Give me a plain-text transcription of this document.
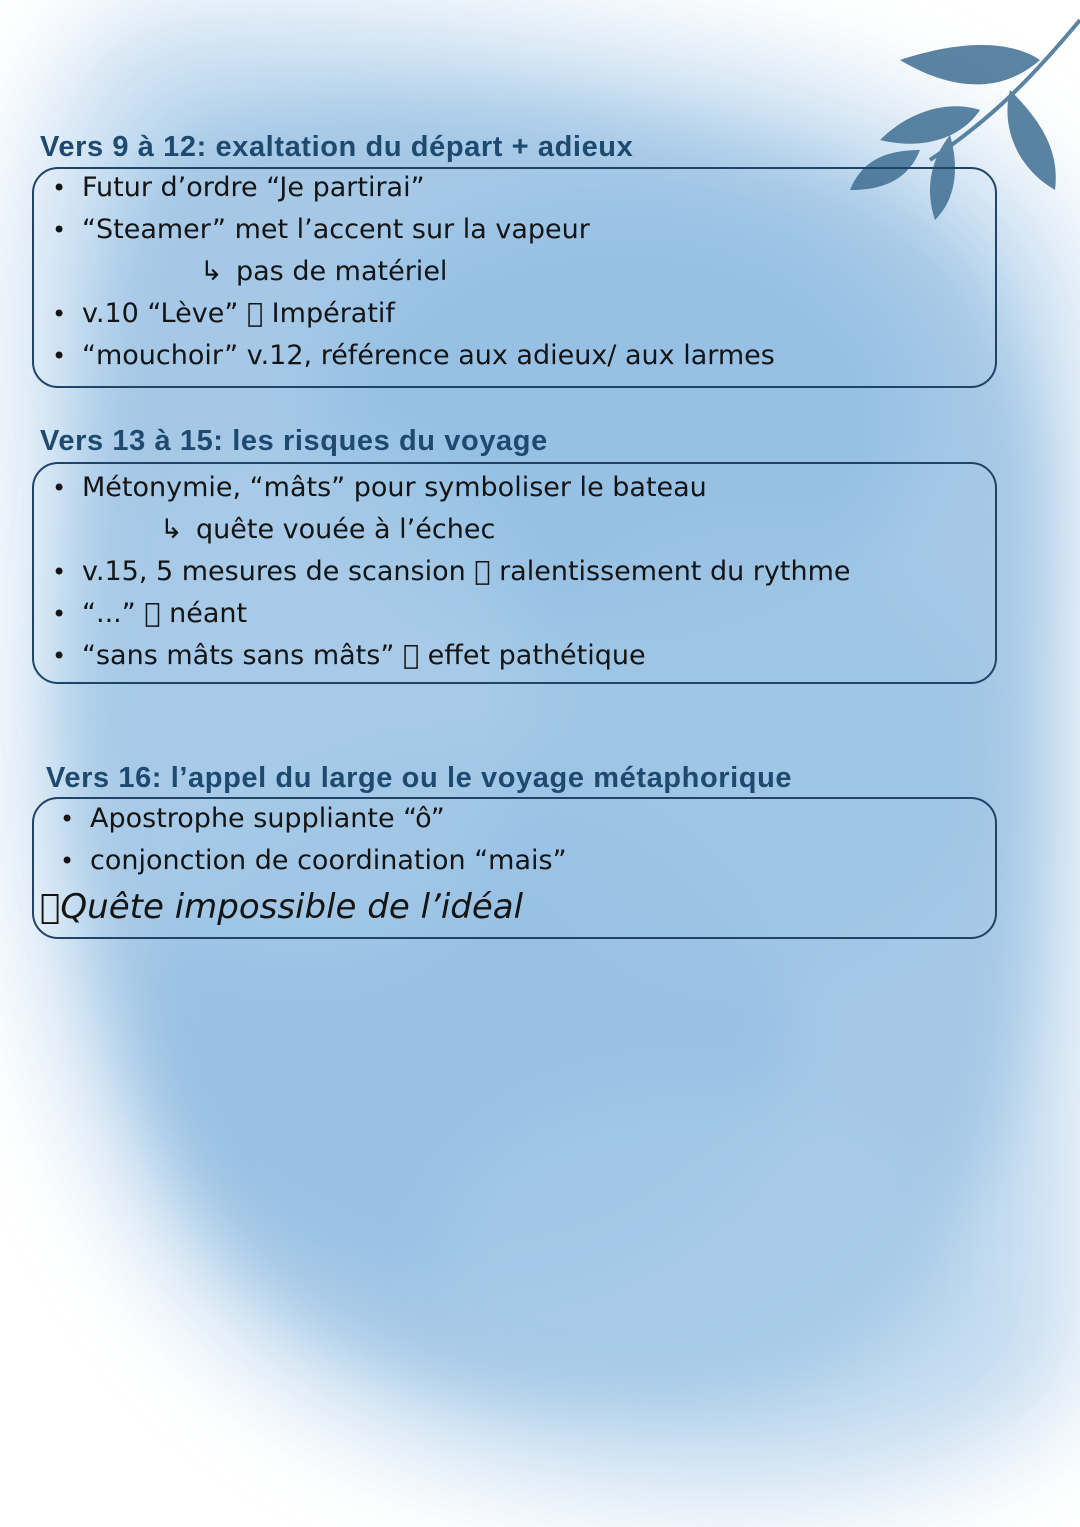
Vers 9 à 12: exaltation du départ + adieux
• Futur d’ordre “Je partirai”
• “Steamer” met l’accent sur la vapeur
↳ pas de matériel
• v.10 “Lève” ￿ Impératif
• “mouchoir” v.12, référence aux adieux/ aux larmes
Vers 13 à 15: les risques du voyage
• Métonymie, “mâts” pour symboliser le bateau
↳ quête vouée à l’échec
• v.15, 5 mesures de scansion ￿ ralentissement du rythme
• “...” ￿ néant
• “sans mâts sans mâts” ￿ effet pathétique
Vers 16: l’appel du large ou le voyage métaphorique
• Apostrophe suppliante “ô”
• conjonction de coordination “mais”
￿Quête impossible de l’idéal
